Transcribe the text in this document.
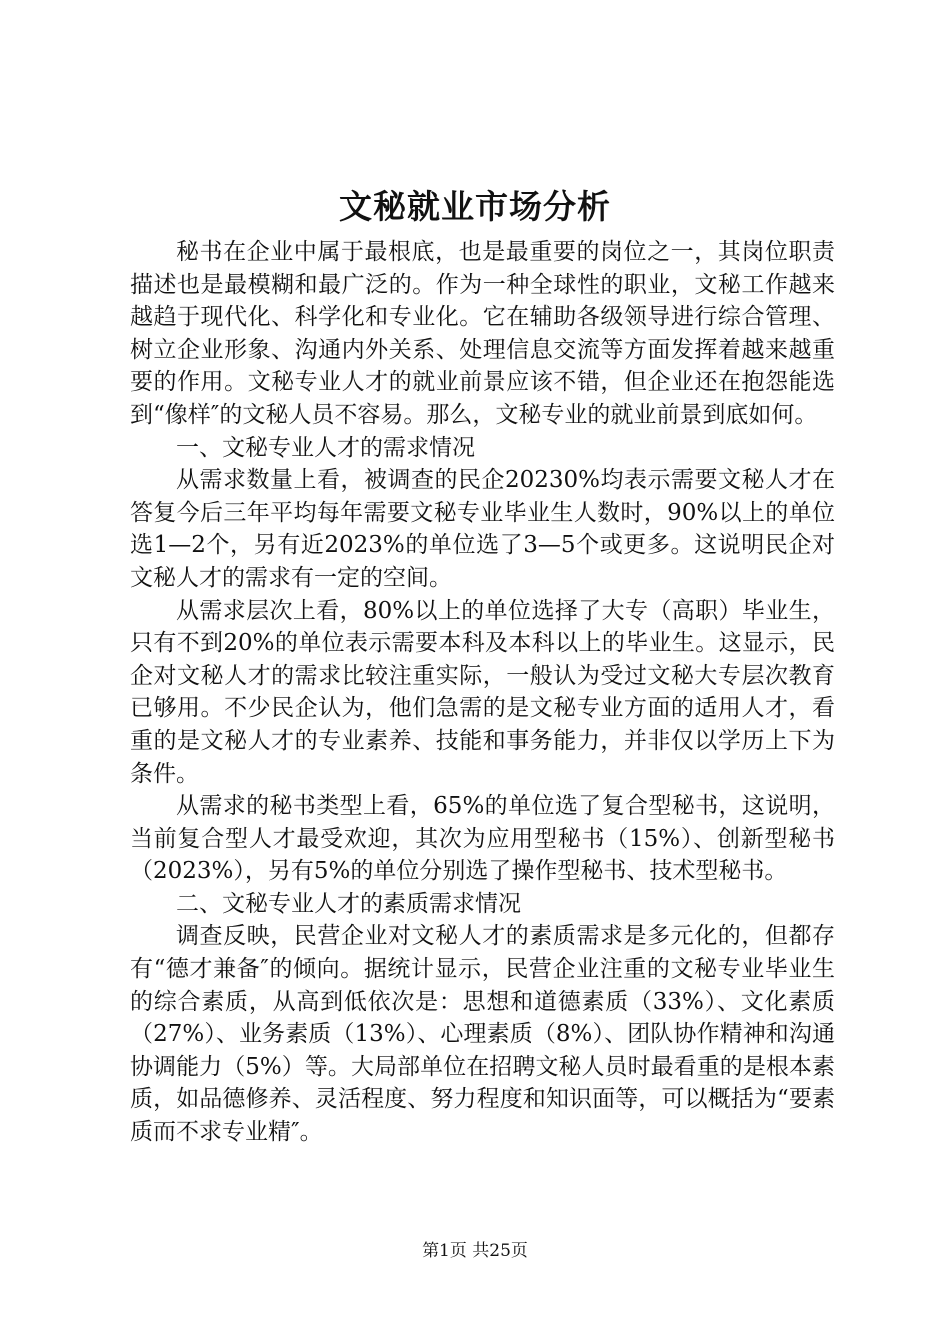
文秘就业市场分析

秘书在企业中属于最根底，也是最重要的岗位之一，其岗位职责描述也是最模糊和最广泛的。作为一种全球性的职业，文秘工作越来越趋于现代化、科学化和专业化。它在辅助各级领导进行综合管理、树立企业形象、沟通内外关系、处理信息交流等方面发挥着越来越重要的作用。文秘专业人才的就业前景应该不错，但企业还在抱怨能选到“像样″的文秘人员不容易。那么，文秘专业的就业前景到底如何。

一、文秘专业人才的需求情况

从需求数量上看，被调查的民企20230%均表示需要文秘人才在答复今后三年平均每年需要文秘专业毕业生人数时，90%以上的单位选1—2个，另有近2023%的单位选了3—5个或更多。这说明民企对文秘人才的需求有一定的空间。

从需求层次上看，80%以上的单位选择了大专（高职）毕业生，只有不到20%的单位表示需要本科及本科以上的毕业生。这显示，民企对文秘人才的需求比较注重实际，一般认为受过文秘大专层次教育已够用。不少民企认为，他们急需的是文秘专业方面的适用人才，看重的是文秘人才的专业素养、技能和事务能力，并非仅以学历上下为条件。

从需求的秘书类型上看，65%的单位选了复合型秘书，这说明，当前复合型人才最受欢迎，其次为应用型秘书（15%）、创新型秘书（2023%），另有5%的单位分别选了操作型秘书、技术型秘书。

二、文秘专业人才的素质需求情况

调查反映，民营企业对文秘人才的素质需求是多元化的，但都存有“德才兼备″的倾向。据统计显示，民营企业注重的文秘专业毕业生的综合素质，从高到低依次是：思想和道德素质（33%）、文化素质（27%）、业务素质（13%）、心理素质（8%）、团队协作精神和沟通协调能力（5%）等。大局部单位在招聘文秘人员时最看重的是根本素质，如品德修养、灵活程度、努力程度和知识面等，可以概括为“要素质而不求专业精″。

第1页 共25页
